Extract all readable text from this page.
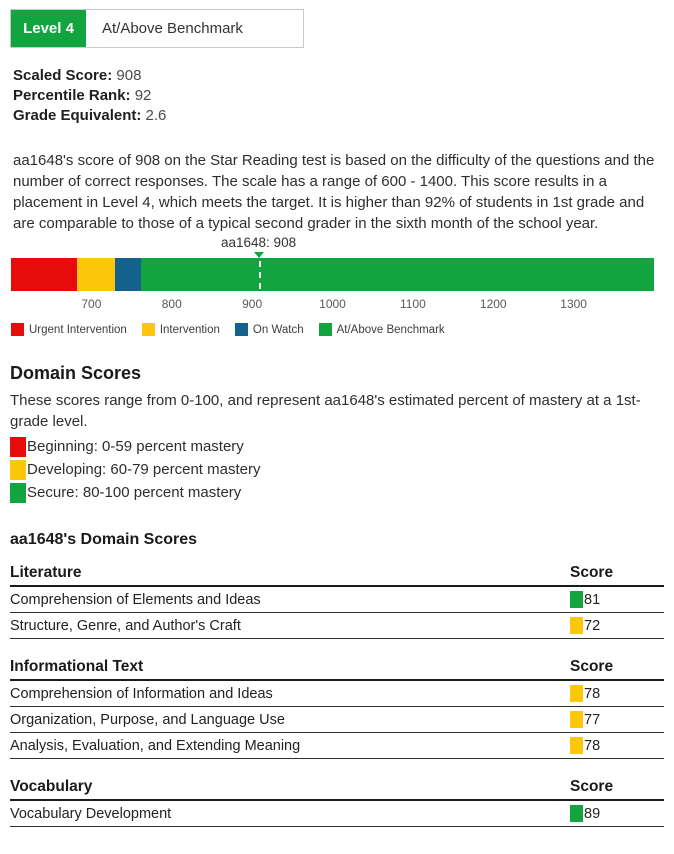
Level 4	At/Above Benchmark
Scaled Score: 908
Percentile Rank: 92
Grade Equivalent: 2.6

aa1648's score of 908 on the Star Reading test is based on the difficulty of the questions and the number of correct responses. The scale has a range of 600 - 1400. This score results in a placement in Level 4, which meets the target. It is higher than 92% of students in 1st grade and are comparable to those of a typical second grader in the sixth month of the school year.

aa1648: 908
700	800	900	1000	1100	1200	1300
Urgent Intervention	Intervention	On Watch	At/Above Benchmark
Domain Scores

These scores range from 0-100, and represent aa1648's estimated percent of mastery at a 1st-grade level.

Beginning: 0-59 percent mastery
Developing: 60-79 percent mastery
Secure: 80-100 percent mastery
aa1648's Domain Scores
Literature	Score
Comprehension of Elements and Ideas	81
Structure, Genre, and Author's Craft	72
Informational Text	Score
Comprehension of Information and Ideas	78
Organization, Purpose, and Language Use	77
Analysis, Evaluation, and Extending Meaning	78
Vocabulary	Score
Vocabulary Development	89
